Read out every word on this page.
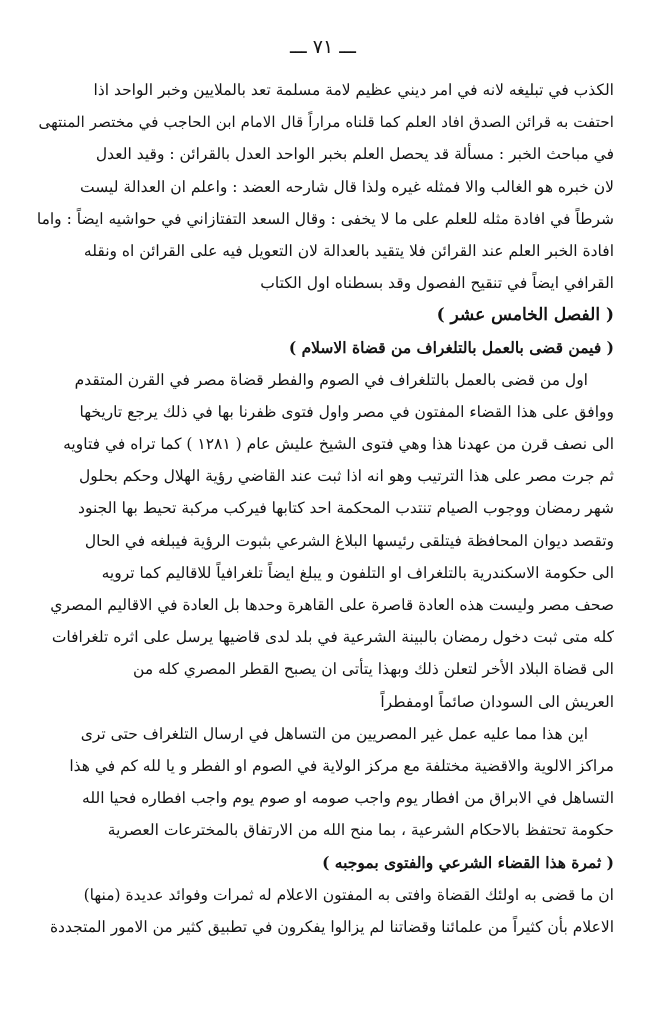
ـــ ٧١ ـــ
الكذب في تبليغه لانه في امر ديني عظيم لامة مسلمة تعد بالملايين وخبر الواحد اذا
احتفت به قرائن الصدق افاد العلم كما قلناه مراراً قال الامام ابن الحاجب في مختصر المنتهى
في مباحث الخبر : مسألة قد يحصل العلم بخبر الواحد العدل بالقرائن : وقيد العدل
لان خبره هو الغالب والا فمثله غيره ولذا قال شارحه العضد : واعلم ان العدالة ليست
شرطاً في افادة مثله للعلم على ما لا يخفى : وقال السعد التفتازاني في حواشيه ايضاً : واما
افادة الخبر العلم عند القرائن فلا يتقيد بالعدالة لان التعويل فيه على القرائن اه ونقله
القرافي ايضاً في تنقيح الفصول وقد بسطناه اول الكتاب
( الفصل الخامس عشر )
( فيمن قضى بالعمل بالتلغراف من قضاة الاسلام )
اول من قضى بالعمل بالتلغراف في الصوم والفطر قضاة مصر في القرن المتقدم
ووافق على هذا القضاء المفتون في مصر واول فتوى ظفرنا بها في ذلك يرجع تاريخها
الى نصف قرن من عهدنا هذا وهي فتوى الشيخ عليش عام ( ١٢٨١ ) كما تراه في فتاويه
ثم جرت مصر على هذا الترتيب وهو انه اذا ثبت عند القاضي رؤية الهلال وحكم بحلول
شهر رمضان ووجوب الصيام تنتدب المحكمة احد كتابها فيركب مركبة تحيط بها الجنود
وتقصد ديوان المحافظة فيتلقى رئيسها البلاغ الشرعي بثبوت الرؤية فيبلغه في الحال
الى حكومة الاسكندرية بالتلغراف او التلفون و يبلغ ايضاً تلغرافياً للاقاليم كما ترويه
صحف مصر وليست هذه العادة قاصرة على القاهرة وحدها بل العادة في الاقاليم المصري
كله متى ثبت دخول رمضان بالبينة الشرعية في بلد لدى قاضيها يرسل على اثره تلغرافات
الى قضاة البلاد الأخر لتعلن ذلك وبهذا يتأتى ان يصبح القطر المصري كله من
العريش الى السودان صائماً اومفطراً
اين هذا مما عليه عمل غير المصريين من التساهل في ارسال التلغراف حتى ترى
مراكز الالوية والاقضية مختلفة مع مركز الولاية في الصوم او الفطر و يا لله كم في هذا
التساهل في الابراق من افطار يوم واجب صومه او صوم يوم واجب افطاره فحيا الله
حكومة تحتفظ بالاحكام الشرعية ، بما منح الله من الارتفاق بالمخترعات العصرية
( ثمرة هذا القضاء الشرعي والفتوى بموجبه )
ان ما قضى به اولئك القضاة وافتى به المفتون الاعلام له ثمرات وفوائد عديدة (منها)
الاعلام بأن كثيراً من علمائنا وقضاتنا لم يزالوا يفكرون في تطبيق كثير من الامور المتجددة
